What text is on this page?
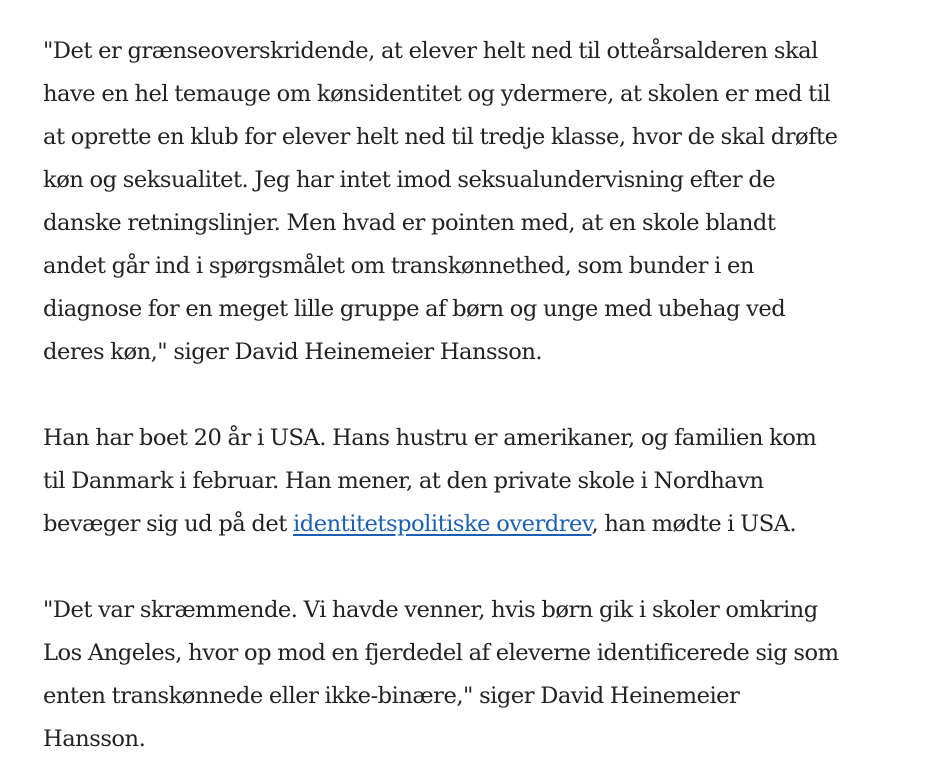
"Det er grænseoverskridende, at elever helt ned til otteårsalderen skal
have en hel temauge om kønsidentitet og ydermere, at skolen er med til
at oprette en klub for elever helt ned til tredje klasse, hvor de skal drøfte
køn og seksualitet. Jeg har intet imod seksualundervisning efter de
danske retningslinjer. Men hvad er pointen med, at en skole blandt
andet går ind i spørgsmålet om transkønnethed, som bunder i en
diagnose for en meget lille gruppe af børn og unge med ubehag ved
deres køn," siger David Heinemeier Hansson.

Han har boet 20 år i USA. Hans hustru er amerikaner, og familien kom
til Danmark i februar. Han mener, at den private skole i Nordhavn
bevæger sig ud på det identitetspolitiske overdrev, han mødte i USA.

"Det var skræmmende. Vi havde venner, hvis børn gik i skoler omkring
Los Angeles, hvor op mod en fjerdedel af eleverne identificerede sig som
enten transkønnede eller ikke-binære," siger David Heinemeier
Hansson.
